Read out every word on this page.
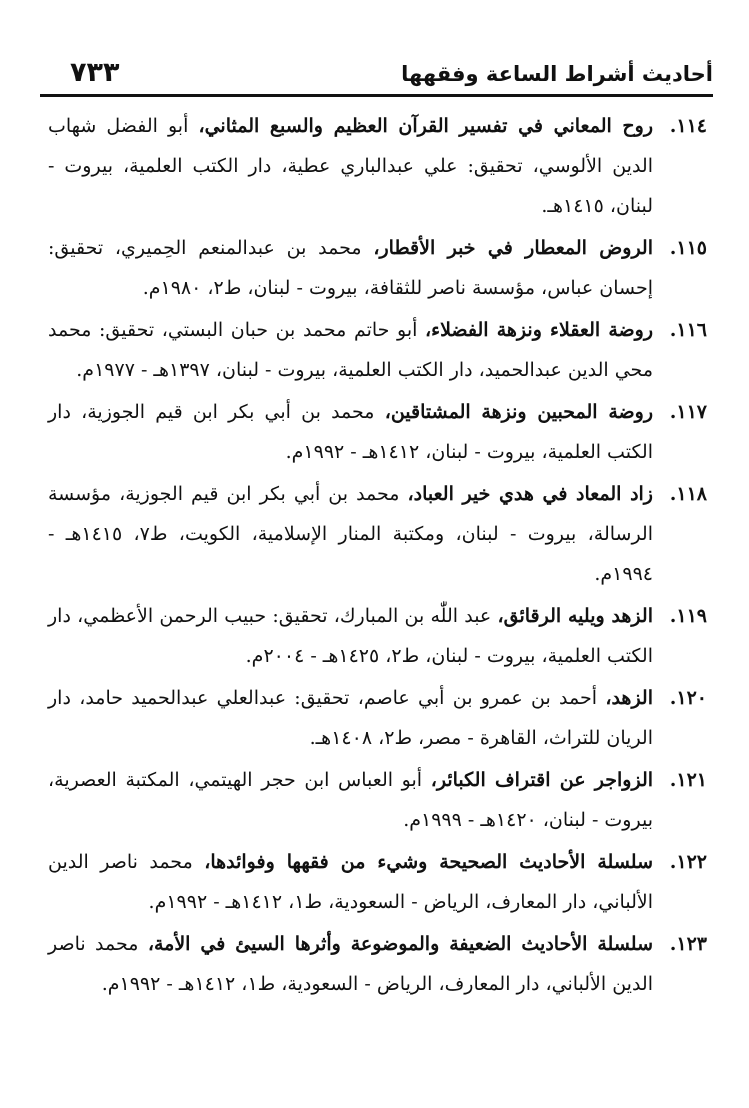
أحاديث أشراط الساعة وفقهها
٧٣٣
١١٤.
روح المعاني في تفسير القرآن العظيم والسبع المثاني، أبو الفضل شهاب الدين الألوسي، تحقيق: علي عبدالباري عطية، دار الكتب العلمية، بيروت - لبنان، ١٤١٥هـ.
١١٥.
الروض المعطار في خبر الأقطار، محمد بن عبدالمنعم الحِميري، تحقيق: إحسان عباس، مؤسسة ناصر للثقافة، بيروت - لبنان، ط٢، ١٩٨٠م.
١١٦.
روضة العقلاء ونزهة الفضلاء، أبو حاتم محمد بن حبان البستي، تحقيق: محمد محي الدين عبدالحميد، دار الكتب العلمية، بيروت - لبنان، ١٣٩٧هـ - ١٩٧٧م.
١١٧.
روضة المحبين ونزهة المشتاقين، محمد بن أبي بكر ابن قيم الجوزية، دار الكتب العلمية، بيروت - لبنان، ١٤١٢هـ - ١٩٩٢م.
١١٨.
زاد المعاد في هدي خير العباد، محمد بن أبي بكر ابن قيم الجوزية، مؤسسة الرسالة، بيروت - لبنان، ومكتبة المنار الإسلامية، الكويت، ط٧، ١٤١٥هـ - ١٩٩٤م.
١١٩.
الزهد ويليه الرقائق، عبد اللّٰه بن المبارك، تحقيق: حبيب الرحمن الأعظمي، دار الكتب العلمية، بيروت - لبنان، ط٢، ١٤٢٥هـ - ٢٠٠٤م.
١٢٠.
الزهد، أحمد بن عمرو بن أبي عاصم، تحقيق: عبدالعلي عبدالحميد حامد، دار الريان للتراث، القاهرة - مصر، ط٢، ١٤٠٨هـ.
١٢١.
الزواجر عن اقتراف الكبائر، أبو العباس ابن حجر الهيتمي، المكتبة العصرية، بيروت - لبنان، ١٤٢٠هـ - ١٩٩٩م.
١٢٢.
سلسلة الأحاديث الصحيحة وشيء من فقهها وفوائدها، محمد ناصر الدين الألباني، دار المعارف، الرياض - السعودية، ط١، ١٤١٢هـ - ١٩٩٢م.
١٢٣.
سلسلة الأحاديث الضعيفة والموضوعة وأثرها السيئ في الأمة، محمد ناصر الدين الألباني، دار المعارف، الرياض - السعودية، ط١، ١٤١٢هـ - ١٩٩٢م.
